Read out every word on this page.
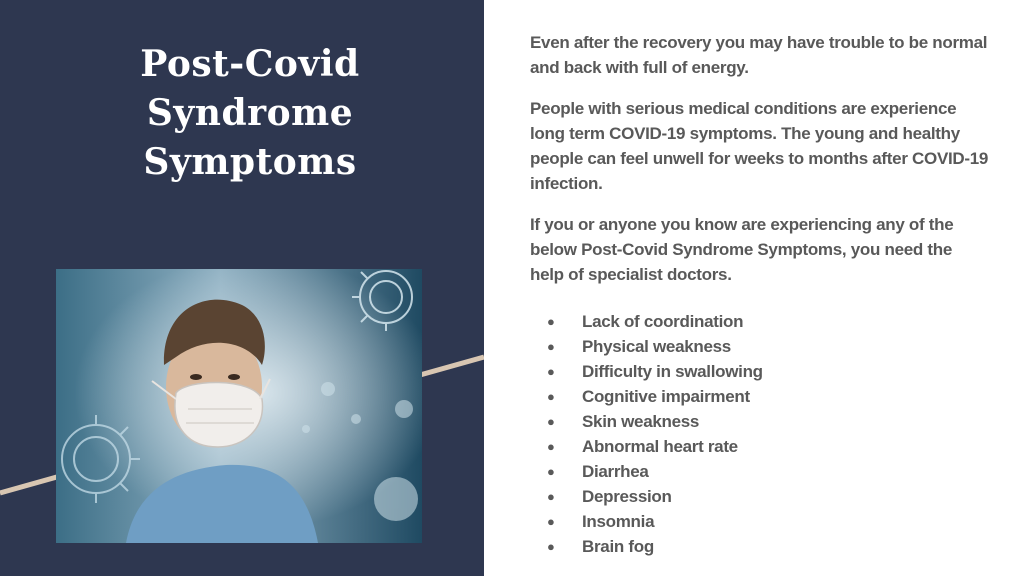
Post-Covid
Syndrome
Symptoms

Even after the recovery you may have trouble to be normal and back with full of energy.

People with serious medical conditions are experience long term COVID-19 symptoms. The young and healthy people can feel unwell for weeks to months after COVID-19 infection.

If you or anyone you know are experiencing any of the below Post-Covid Syndrome Symptoms, you need the help of specialist doctors.

● Lack of coordination
● Physical weakness
● Difficulty in swallowing
● Cognitive impairment
● Skin weakness
● Abnormal heart rate
● Diarrhea
● Depression
● Insomnia
● Brain fog
